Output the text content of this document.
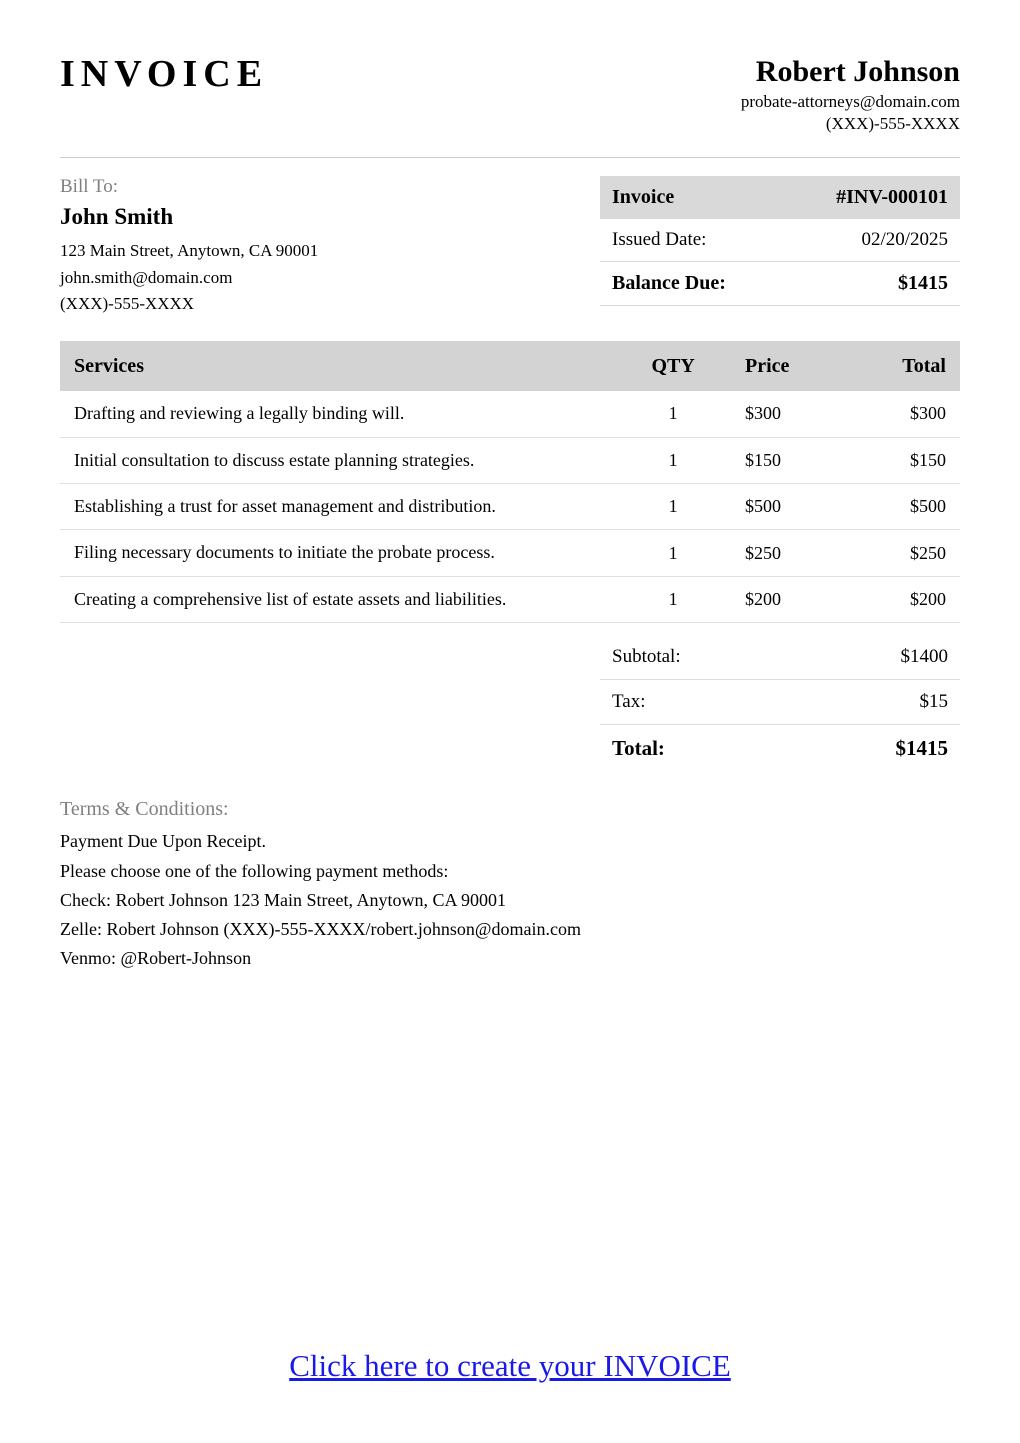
INVOICE	Robert Johnson
probate-attorneys@domain.com
(XXX)-555-XXXX
Bill To:
John Smith
123 Main Street, Anytown, CA 90001
john.smith@domain.com
(XXX)-555-XXXX
Invoice	#INV-000101
Issued Date:	02/20/2025
Balance Due:	$1415
Services	QTY	Price	Total
Drafting and reviewing a legally binding will.	1	$300	$300
Initial consultation to discuss estate planning strategies.	1	$150	$150
Establishing a trust for asset management and distribution.	1	$500	$500
Filing necessary documents to initiate the probate process.	1	$250	$250
Creating a comprehensive list of estate assets and liabilities.	1	$200	$200
Subtotal:	$1400
Tax:	$15
Total:	$1415
Terms & Conditions:
Payment Due Upon Receipt.
Please choose one of the following payment methods:
Check: Robert Johnson 123 Main Street, Anytown, CA 90001
Zelle: Robert Johnson (XXX)-555-XXXX/robert.johnson@domain.com
Venmo: @Robert-Johnson
Click here to create your INVOICE
